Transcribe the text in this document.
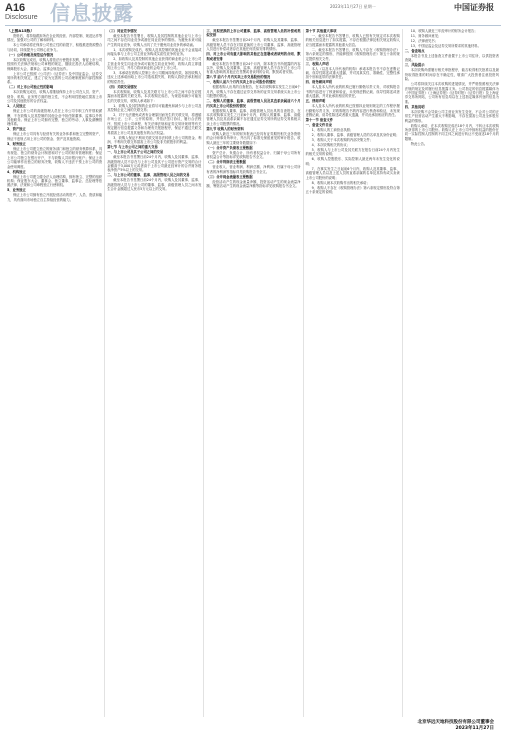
A16
Disclosure 信息披露	2023年11月27日 星期一	中国证券报

（上接A15版）

资格后，将持续跟踪所在企业的经营、内部控制、规范运作等情况，加强对公司的了解和研判。

本公司承诺将在保持公司独立性的前提下，积极推进资源整合与协同，持续提升公司核心竞争力。

（一）公司治理及规范运作情况

本次收购完成后，收购人将依法行使股东权利，督促上市公司按照有关法律法规和公司章程的规定，继续完善法人治理结构，保障股东大会、董事会、监事会规范运作。

上市公司已按照《公司法》《证券法》及中国证监会、证券交易所的相关规定，建立了较为完善的公司治理制度和内部控制体系。

（二）对上市公司独立性的影响

本次收购完成后，收购人将继续保持上市公司在人员、资产、财务、机构、业务等方面的独立性，不会利用控股地位损害上市公司及其他股东的合法权益。

1、人员独立

保证上市公司的高级管理人员在上市公司专职工作并领取薪酬，不在收购人及其控制的其他企业中担任除董事、监事以外的其他职务。保证上市公司拥有完整、独立的劳动、人事及薪酬管理体系。

2、资产独立

保证上市公司具有与经营有关的业务体系和独立完整的资产，保证不违规占用上市公司的资金、资产及其他资源。

3、财务独立

保证上市公司建立独立的财务部门和独立的财务核算体系，具有规范、独立的财务会计制度和对子公司的财务管理制度；保证上市公司独立在银行开户，不与收购人共用银行账户；保证上市公司能够作出独立的财务决策，收购人不违法干预上市公司的资金使用调度。

4、机构独立

保证上市公司建立健全法人治理结构，拥有独立、完整的组织机构；保证股东大会、董事会、独立董事、监事会、总经理等依照法律、法规和公司章程独立行使职权。

5、业务独立

保证上市公司拥有独立开展经营活动的资产、人员、资质和能力，具有面向市场独立自主持续经营的能力。

（三）同业竞争情况

截至本报告书签署日，收购人及其控制的其他企业与上市公司之间不存在同业竞争或潜在同业竞争的情形。为避免未来可能产生的同业竞争，收购人出具了关于避免同业竞争的承诺函。

1、本次收购完成后，收购人及其控制的其他企业不会直接或间接从事与上市公司主营业务构成实质性竞争的业务。

2、如收购人及其控制的其他企业获得的商业机会与上市公司主营业务发生同业竞争或可能发生同业竞争的，收购人将立即通知上市公司，并尽力将该商业机会给予上市公司。

3、本承诺在收购人控制上市公司期间持续有效。如因收购人违反上述承诺而给上市公司造成损失的，收购人将依法承担相应的赔偿责任。

（四）关联交易情况

本次收购前，收购人及其关联方与上市公司之间不存在应披露而未披露的关联交易。本次收购完成后，为规范和减少可能发生的关联交易，收购人承诺如下：

1、收购人及其控制的企业将尽可能避免和减少与上市公司及其控制企业之间的关联交易；

2、对于无法避免或者有合理原因而发生的关联交易，将遵循市场公正、公平、公开的原则，并依法签订协议，履行合法程序，按照上市公司章程、有关法律法规和证券交易所规则等有关规定履行信息披露义务和办理有关报批程序，保证不通过关联交易损害上市公司及其他股东的合法权益。

3、收购人保证不利用关联交易非法转移上市公司的资金、利润，不利用关联交易损害上市公司及非关联股东的利益。

第七节 与上市公司之间的重大交易

一、与上市公司及其子公司之间的交易

截至本报告书签署日前24个月内，收购人及其董事、监事、高级管理人员不存在与上市公司及其子公司进行资产交易的合计金额高于3,000万元或者高于上市公司最近经审计的合并财务报表净资产5%以上的交易。

二、与上市公司的董事、监事、高级管理人员之间的交易

截至本报告书签署日前24个月内，收购人及其董事、监事、高级管理人员与上市公司的董事、监事、高级管理人员之间未发生合计金额超过人民币5万元以上的交易。

三、对拟更换的上市公司董事、监事、高级管理人员的补偿或类似安排

截至本报告书签署日前24个月内，收购人及其董事、监事、高级管理人员不存在对拟更换的上市公司董事、监事、高级管理人员进行补偿或者存在其他任何类似安排的情形。

四、对上市公司有重大影响的其他正在签署或者谈判的合同、默契或者安排

截至本报告书签署日前24个月内，除本报告书所披露的内容以外，收购人及其董事、监事、高级管理人员不存在对上市公司有重大影响的其他正在签署或者谈判的合同、默契或者安排。

第八节 前六个月内买卖上市交易股份的情况

一、收购人前六个月内买卖上市公司股份的情况

根据收购人出具的自查报告，在本次收购事实发生之日前6个月内，收购人不存在通过证券交易所的证券交易系统买卖上市公司股票的情况。

二、收购人的董事、监事、高级管理人员及其直系亲属前六个月内买卖上市公司股份的情况

根据收购人董事、监事、高级管理人员出具的自查报告，在本次收购事实发生之日前6个月内，收购人的董事、监事、高级管理人员及其直系亲属不存在通过证券交易所的证券交易系统买卖上市公司股票的情况。

第九节 收购人的财务资料

收购人最近三年的财务报表已经具有证券期货相关业务资格的会计师事务所审计，并出具了标准无保留意见的审计报告。收购人最近三年的主要财务数据如下：

（一）合并资产负债表主要数据

资产总计、负债合计、所有者权益合计、归属于母公司所有者权益合计等指标详见收购报告书全文。

（二）合并利润表主要数据

营业收入、营业利润、利润总额、净利润、归属于母公司所有者的净利润等指标详见收购报告书全文。

（三）合并现金流量表主要数据

经营活动产生的现金流量净额、投资活动产生的现金流量净额、筹资活动产生的现金流量净额等指标详见收购报告书全文。

第十节 其他重大事项

一、截至本报告书签署日，收购人已按有关规定对本次收购的相关信息进行了如实披露，不存在根据法律及相关规定收购人应当披露而未披露的其他重大信息。

二、截至本报告书签署日，收购人不存在《收购管理办法》第六条规定的情形，并能够按照《收购管理办法》第五十条的规定提供相关文件。

三、收购人声明

本人（以及本人所代表的机构）承诺本报告书不存在虚假记载、误导性陈述或重大遗漏，并对其真实性、准确性、完整性承担个别和连带的法律责任。

四、财务顾问声明

本人及本人所代表的机构已履行勤勉尽责义务，对收购报告书的内容进行了核查和验证，未发现虚假记载、误导性陈述或者重大遗漏，并对此承担相应的责任。

五、律师声明

本人及本人所代表的机构已按照执业规则规定的工作程序履行勤勉尽责义务，对收购报告书的内容进行核查和验证，未发现虚假记载、误导性陈述或者重大遗漏，并对此承担相应的责任。

第十一节 备查文件

一、备查文件目录

1、收购人的工商营业执照；

2、收购人董事、监事、高级管理人员的名单及其身份证明；

3、收购人关于本次收购的内部决策文件；

4、本次收购相关的协议；

5、收购人与上市公司及其关联方在报告日前24个月内发生的相关交易的说明；

6、收购人控股股东、实际控制人最近两年未发生变化的说明；

7、在事实发生之日起前6个月内，收购人及其董事、监事、高级管理人员以及上述人员的直系亲属的名单及其持有或买卖该上市公司股份的说明；

8、收购人就本次收购作出的相关承诺；

9、收购人不存在《收购管理办法》第六条规定情形及符合第五十条规定的说明；

10、收购人最近三年经审计的财务会计报告；

11、财务顾问意见；

12、法律意见书；

13、中国证监会及证券交易所要求的其他材料。

二、备查地点

本报告书及上述备查文件备置于上市公司住所，以供投资者查阅。

三、风险提示

本次收购尚需履行相关审批程序，能否取得相关批准以及最终取得批准的时间存在不确定性，敬请广大投资者注意投资风险。

公司将持续关注本次收购的进展情况，并严格按照相关法律法规的规定及时履行信息披露义务。公司指定的信息披露媒体为《中国证券报》《上海证券报》《证券时报》《证券日报》及上海证券交易所网站，公司所有信息均以在上述指定媒体刊登的信息为准。

四、其他说明

本次收购不会导致公司主营业务发生变化，不会对公司的正常生产经营活动产生重大不利影响，不存在损害公司及全体股东利益的情形。

收购人承诺，在本次收购完成后18个月内，不转让本次收购所获得的上市公司股份。收购人在上市公司中拥有权益的股份在同一实际控制人控制的不同主体之间进行转让不受前述18个月的限制。

特此公告。

北京华远天地科技股份有限公司董事会
2023年11月27日
